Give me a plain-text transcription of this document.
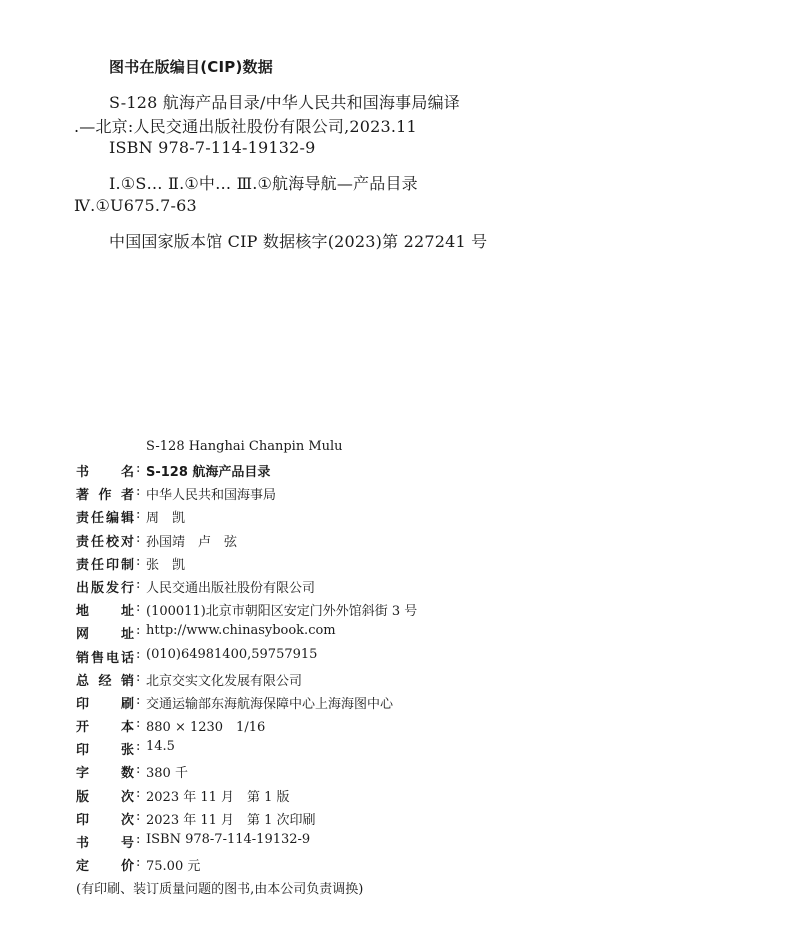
图书在版编目(CIP)数据
S-128 航海产品目录/中华人民共和国海事局编译
.—北京:人民交通出版社股份有限公司,2023.11
ISBN 978-7-114-19132-9
Ⅰ.①S… Ⅱ.①中… Ⅲ.①航海导航—产品目录
Ⅳ.①U675.7-63
中国国家版本馆 CIP 数据核字(2023)第 227241 号
S-128 Hanghai Chanpin Mulu
书 名 : S-128 航海产品目录
著 作 者 : 中华人民共和国海事局
责 任 编 辑 : 周　凯
责 任 校 对 : 孙国靖　卢　弦
责 任 印 制 : 张　凯
出 版 发 行 : 人民交通出版社股份有限公司
地 址 : (100011)北京市朝阳区安定门外外馆斜街 3 号
网 址 : http://www.chinasybook.com
销 售 电 话 : (010)64981400,59757915
总 经 销 : 北京交实文化发展有限公司
印 刷 : 交通运输部东海航海保障中心上海海图中心
开 本 : 880 × 1230　1/16
印 张 : 14.5
字 数 : 380 千
版 次 : 2023 年 11 月　第 1 版
印 次 : 2023 年 11 月　第 1 次印刷
书 号 : ISBN 978-7-114-19132-9
定 价 : 75.00 元
(有印刷、装订质量问题的图书,由本公司负责调换)
